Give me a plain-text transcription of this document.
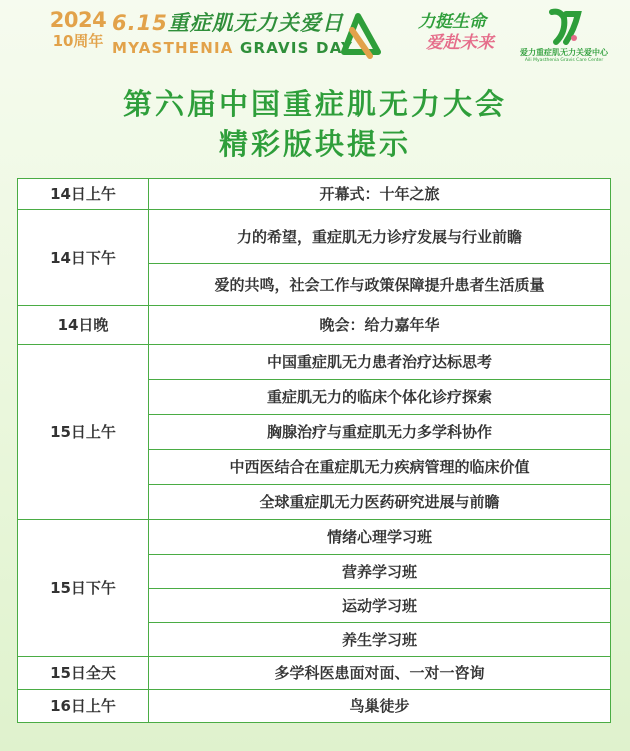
2024
10周年
6.15重症肌无力关爱日
MYASTHENIA GRAVIS DAY
力挺生命
爱赴未来	爱力重症肌无力关爱中心
Aili Myasthenia Gravis Care Center
第六届中国重症肌无力大会
精彩版块提示
14日上午	开幕式：十年之旅
14日下午	力的希望，重症肌无力诊疗发展与行业前瞻
	爱的共鸣，社会工作与政策保障提升患者生活质量
14日晚	晚会：给力嘉年华
15日上午	中国重症肌无力患者治疗达标思考
	重症肌无力的临床个体化诊疗探索
	胸腺治疗与重症肌无力多学科协作
	中西医结合在重症肌无力疾病管理的临床价值
	全球重症肌无力医药研究进展与前瞻
15日下午	情绪心理学习班
	营养学习班
	运动学习班
	养生学习班
15日全天	多学科医患面对面、一对一咨询
16日上午	鸟巢徒步
